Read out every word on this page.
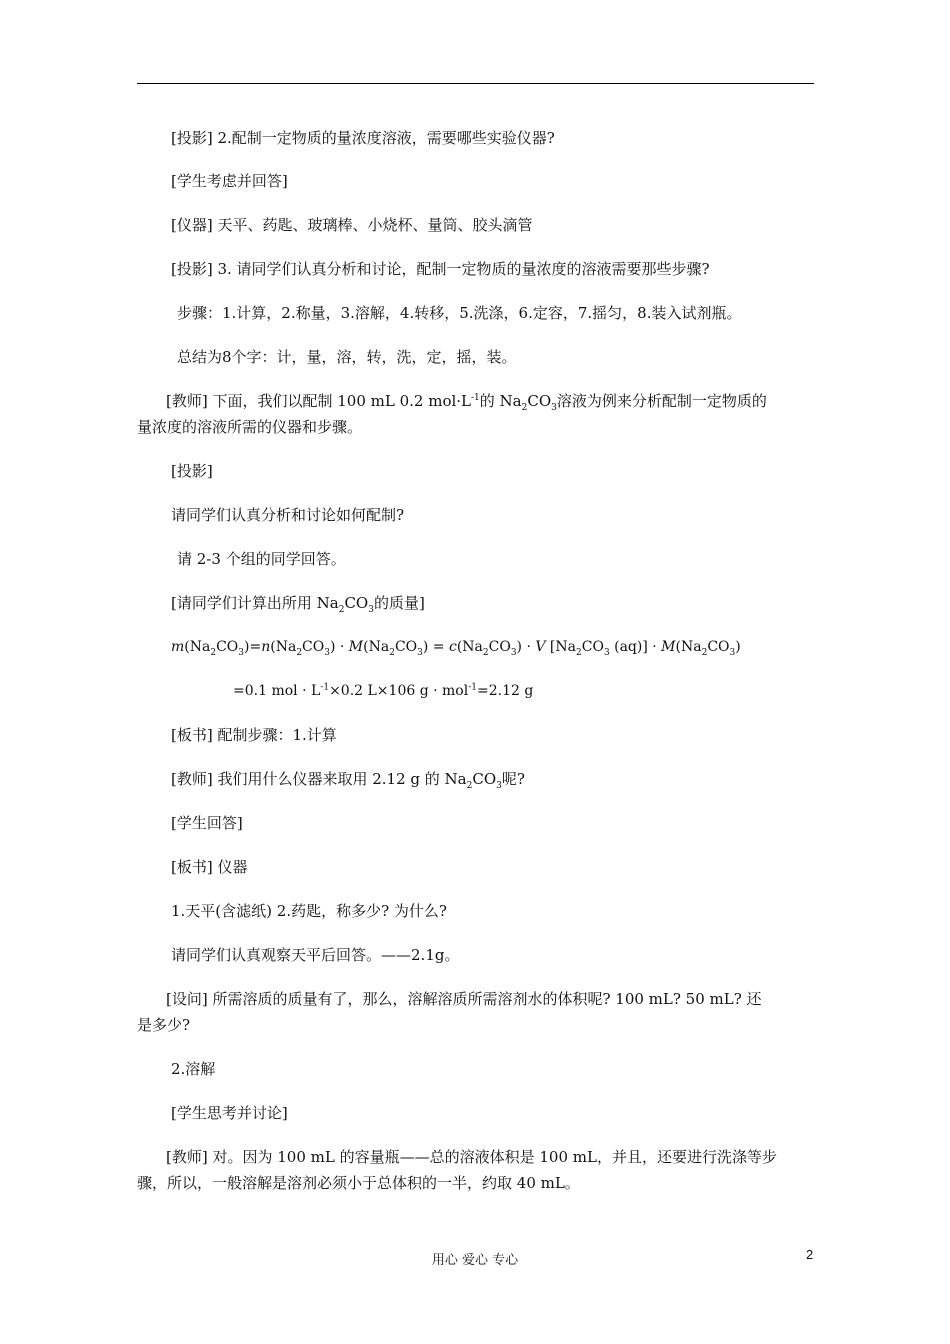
[投影] 2.配制一定物质的量浓度溶液，需要哪些实验仪器?
[学生考虑并回答]
[仪器] 天平、药匙、玻璃棒、小烧杯、量筒、胶头滴管
[投影] 3. 请同学们认真分析和讨论，配制一定物质的量浓度的溶液需要那些步骤?
步骤：1.计算，2.称量，3.溶解，4.转移，5.洗涤，6.定容，7.摇匀，8.装入试剂瓶。
总结为8个字：计，量，溶，转，洗，定，摇，装。
[教师] 下面，我们以配制 100 mL 0.2 $mol\cdot L^{-1}$的 $Na_2CO_3$溶液为例来分析配制一定物质的
量浓度的溶液所需的仪器和步骤。
[投影]
请同学们认真分析和讨论如何配制?
请 2-3 个组的同学回答。
[请同学们计算出所用 $Na_2CO_3$的质量]
$m(Na_2CO_3)=n(Na_2CO_3) \cdot M(Na_2CO_3) = c(Na_2CO_3) \cdot V$ [$Na_2CO_3$ $(aq)] \cdot M(Na_2CO_3)$
=0.1 mol · $L^{-1}\times 0.2$ L×106 g · mol$^{-1}$=2.12 g
[板书] 配制步骤：1.计算
[教师] 我们用什么仪器来取用 2.12 g 的 $Na_2CO_3$呢?
[学生回答]
[板书] 仪器
1.天平(含滤纸) 2.药匙，称多少? 为什么?
请同学们认真观察天平后回答。——2.1g。
[设问] 所需溶质的质量有了，那么，溶解溶质所需溶剂水的体积呢? 100 mL? 50 mL? 还
是多少?
2.溶解
[学生思考并讨论]
[教师] 对。因为 100 mL 的容量瓶——总的溶液体积是 100 mL，并且，还要进行洗涤等步
骤，所以，一般溶解是溶剂必须小于总体积的一半，约取 40 mL。
用心 爱心 专心	2
